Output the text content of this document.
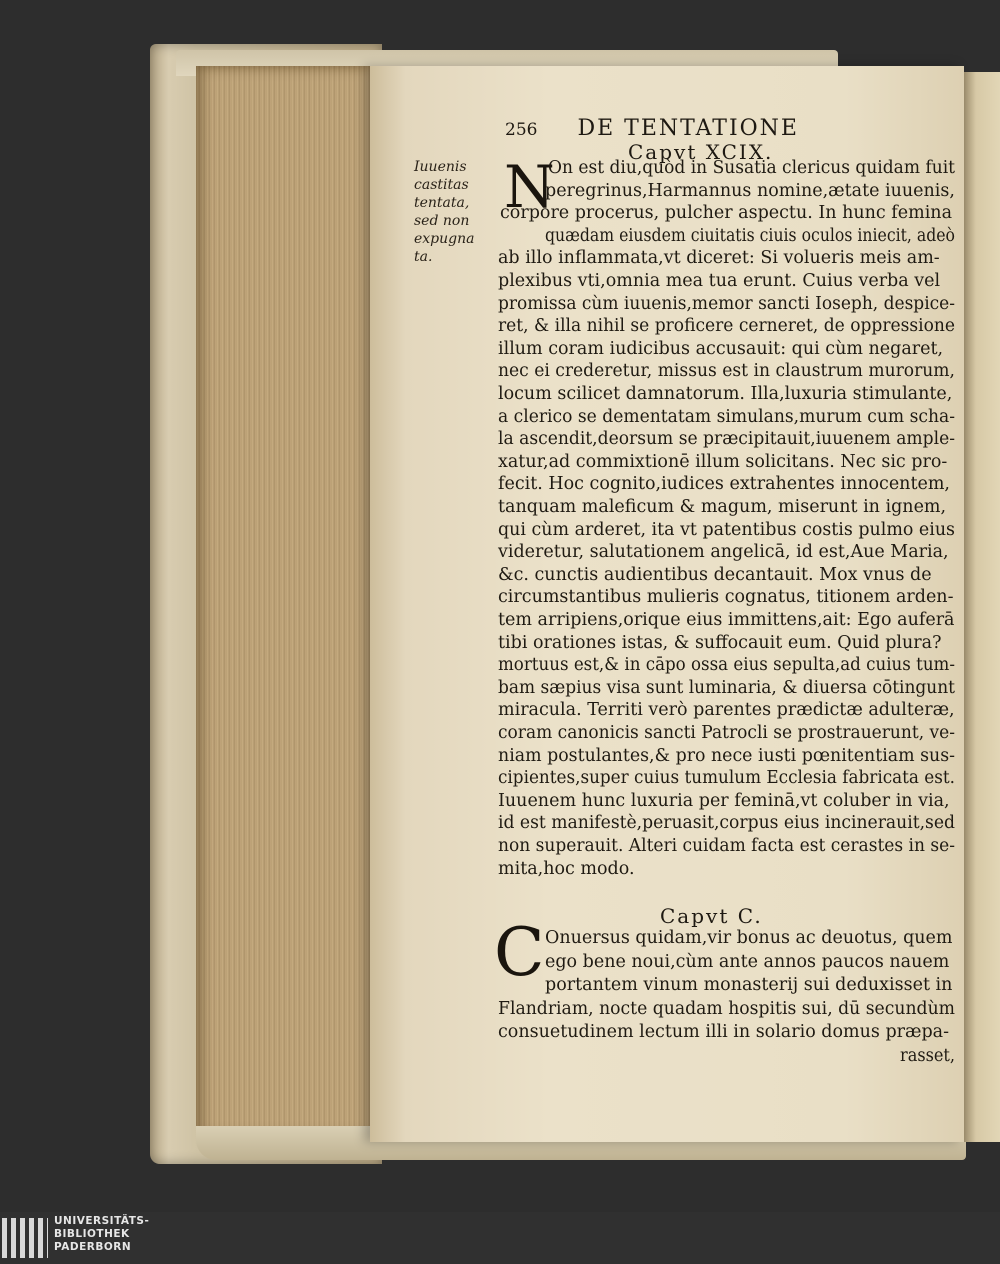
256 DE TENTATIONE
Capvt XCIX.
Iuuenis
castitas
tentata,
sed non
expugna
ta.
N
On est diu,quòd in Susatia clericus quidam fuit
peregrinus,Harmannus nomine,ætate iuuenis,
corpore procerus, pulcher aspectu. In hunc femina
quædam eiusdem ciuitatis ciuis oculos iniecit, adeò
ab illo inflammata,vt diceret: Si volueris meis am-
plexibus vti,omnia mea tua erunt. Cuius verba vel
promissa cùm iuuenis,memor sancti Ioseph, despice-
ret, & illa nihil se proficere cerneret, de oppressione
illum coram iudicibus accusauit: qui cùm negaret,
nec ei crederetur, missus est in claustrum murorum,
locum scilicet damnatorum. Illa,luxuria stimulante,
a clerico se dementatam simulans,murum cum scha-
la ascendit,deorsum se præcipitauit,iuuenem ample-
xatur,ad commixtionē illum solicitans. Nec sic pro-
fecit. Hoc cognito,iudices extrahentes innocentem,
tanquam maleficum & magum, miserunt in ignem,
qui cùm arderet, ita vt patentibus costis pulmo eius
videretur, salutationem angelicā, id est,Aue Maria,
&c. cunctis audientibus decantauit. Mox vnus de
circumstantibus mulieris cognatus, titionem arden-
tem arripiens,orique eius immittens,ait: Ego auferā
tibi orationes istas, & suffocauit eum. Quid plura?
mortuus est,& in cāpo ossa eius sepulta,ad cuius tum-
bam sæpius visa sunt luminaria, & diuersa cōtingunt
miracula. Territi verò parentes prædictæ adulteræ,
coram canonicis sancti Patrocli se prostrauerunt, ve-
niam postulantes,& pro nece iusti pœnitentiam sus-
cipientes,super cuius tumulum Ecclesia fabricata est.
Iuuenem hunc luxuria per feminā,vt coluber in via,
id est manifestè,peruasit,corpus eius incinerauit,sed
non superauit. Alteri cuidam facta est cerastes in se-
mita,hoc modo.
Capvt C.
C Onuersus quidam,vir bonus ac deuotus, quem
ego bene noui,cùm ante annos paucos nauem
portantem vinum monasterij sui deduxisset in
Flandriam, nocte quadam hospitis sui, dū secundùm
consuetudinem lectum illi in solario domus præpa-
rasset,
UNIVERSITÄTS-
BIBLIOTHEK
PADERBORN
